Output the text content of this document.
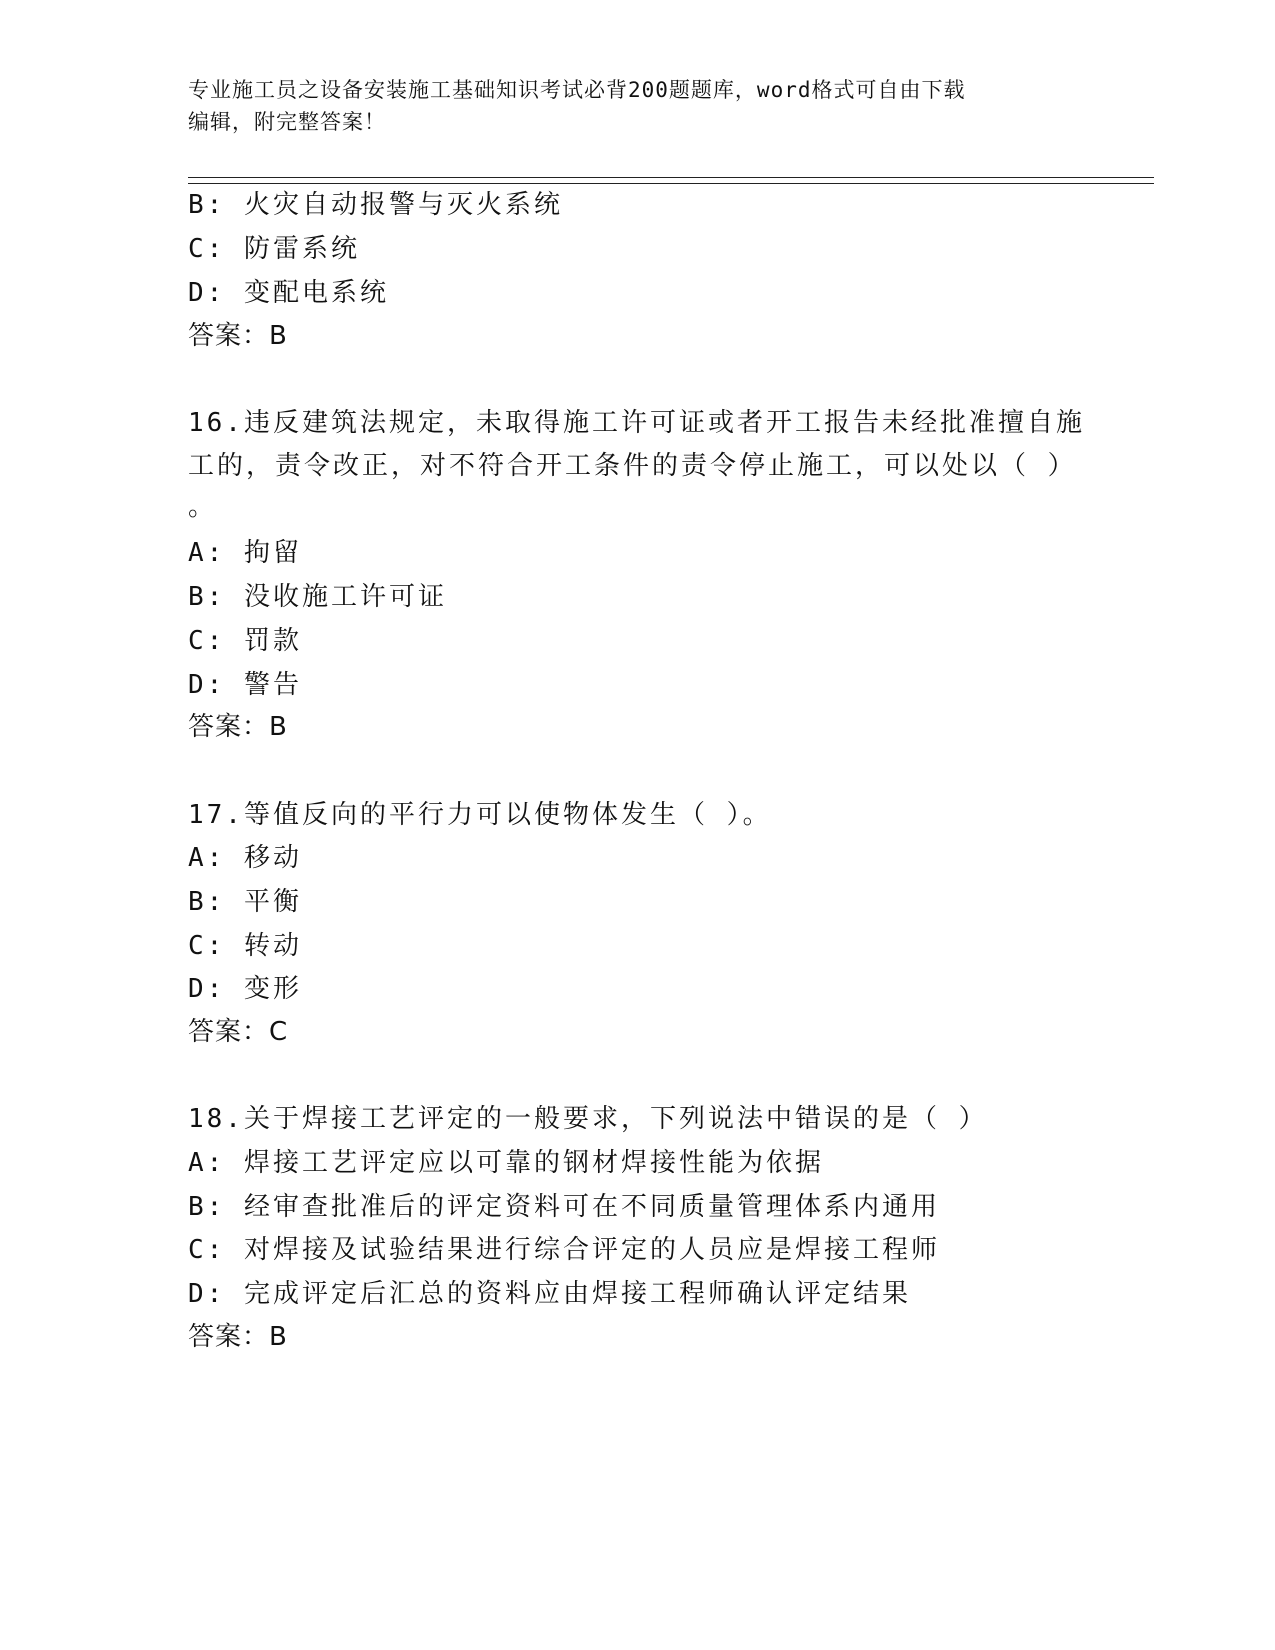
专业施工员之设备安装施工基础知识考试必背200题题库，word格式可自由下载
编辑，附完整答案！
B: 火灾自动报警与灭火系统
C: 防雷系统
D: 变配电系统
答案：B
16.违反建筑法规定，未取得施工许可证或者开工报告未经批准擅自施
工的，责令改正，对不符合开工条件的责令停止施工，可以处以（ ）
。
A: 拘留
B: 没收施工许可证
C: 罚款
D: 警告
答案：B
17.等值反向的平行力可以使物体发生（ ）。
A: 移动
B: 平衡
C: 转动
D: 变形
答案：C
18.关于焊接工艺评定的一般要求，下列说法中错误的是（ ）
A: 焊接工艺评定应以可靠的钢材焊接性能为依据
B: 经审查批准后的评定资料可在不同质量管理体系内通用
C: 对焊接及试验结果进行综合评定的人员应是焊接工程师
D: 完成评定后汇总的资料应由焊接工程师确认评定结果
答案：B
